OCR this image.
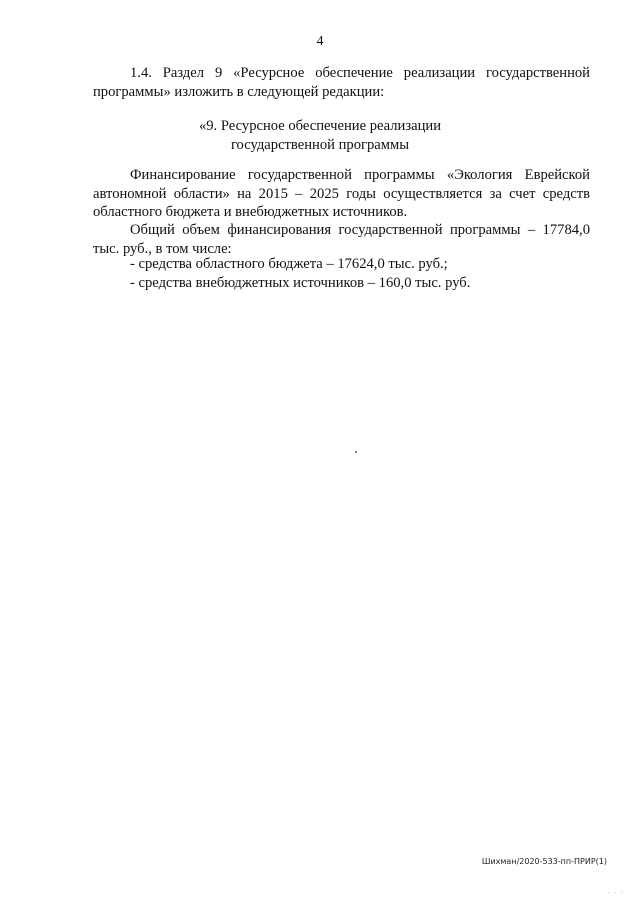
4

1.4. Раздел 9 «Ресурсное обеспечение реализации государственной программы» изложить в следующей редакции:

«9. Ресурсное обеспечение реализации
государственной программы

Финансирование государственной программы «Экология Еврейской автономной области» на 2015 – 2025 годы осуществляется за счет средств областного бюджета и внебюджетных источников.

Общий объем финансирования государственной программы – 17784,0 тыс. руб., в том числе:

- средства областного бюджета – 17624,0 тыс. руб.;
- средства внебюджетных источников – 160,0 тыс. руб.
Шихман/2020-533-пп-ПРИР(1)
. . .
